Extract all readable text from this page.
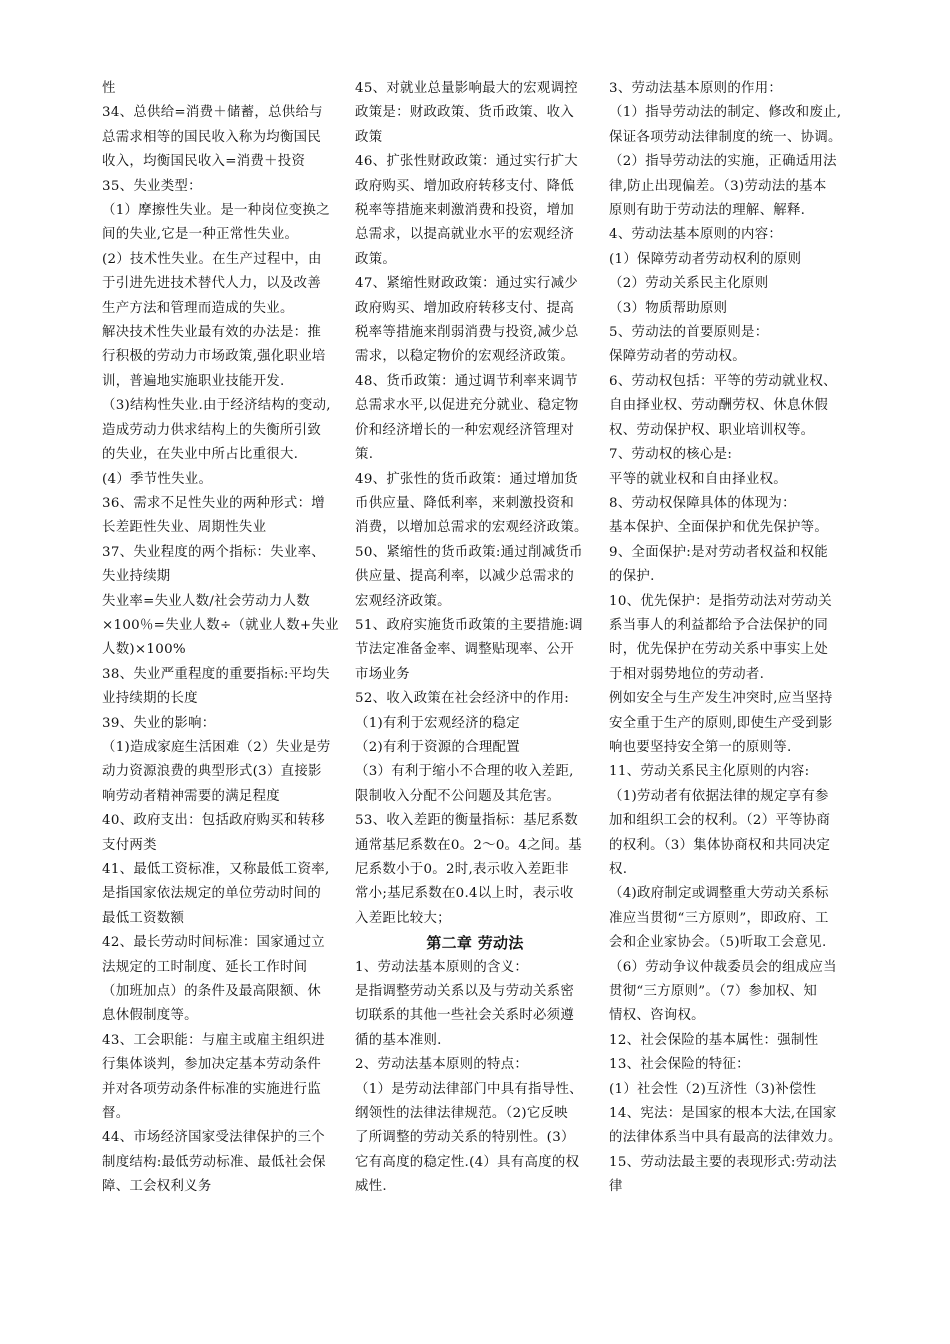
性
34、总供给=消费＋储蓄，总供给与
总需求相等的国民收入称为均衡国民
收入，均衡国民收入=消费＋投资
35、失业类型：
（1）摩擦性失业。是一种岗位变换之
间的失业,它是一种正常性失业。
(2）技术性失业。在生产过程中，由
于引进先进技术替代人力，以及改善
生产方法和管理而造成的失业。
解决技术性失业最有效的办法是：推
行积极的劳动力市场政策,强化职业培
训，普遍地实施职业技能开发.
（3)结构性失业.由于经济结构的变动,
造成劳动力供求结构上的失衡所引致
的失业，在失业中所占比重很大.
(4）季节性失业。
36、需求不足性失业的两种形式：增
长差距性失业、周期性失业
37、失业程度的两个指标：失业率、
失业持续期
失业率=失业人数/社会劳动力人数
×100％=失业人数÷（就业人数+失业
人数)×100%
38、失业严重程度的重要指标:平均失
业持续期的长度
39、失业的影响：
（1)造成家庭生活困难（2）失业是劳
动力资源浪费的典型形式(3）直接影
响劳动者精神需要的满足程度
40、政府支出：包括政府购买和转移
支付两类
41、最低工资标准，又称最低工资率,
是指国家依法规定的单位劳动时间的
最低工资数额
42、最长劳动时间标准：国家通过立
法规定的工时制度、延长工作时间
（加班加点）的条件及最高限额、休
息休假制度等。
43、工会职能：与雇主或雇主组织进
行集体谈判，参加决定基本劳动条件
并对各项劳动条件标准的实施进行监
督。
44、市场经济国家受法律保护的三个
制度结构:最低劳动标准、最低社会保
障、工会权利义务
45、对就业总量影响最大的宏观调控
政策是：财政政策、货币政策、收入
政策
46、扩张性财政政策：通过实行扩大
政府购买、增加政府转移支付、降低
税率等措施来刺激消费和投资，增加
总需求，以提高就业水平的宏观经济
政策。
47、紧缩性财政政策：通过实行减少
政府购买、增加政府转移支付、提高
税率等措施来削弱消费与投资,减少总
需求，以稳定物价的宏观经济政策。
48、货币政策：通过调节利率来调节
总需求水平,以促进充分就业、稳定物
价和经济增长的一种宏观经济管理对
策.
49、扩张性的货币政策：通过增加货
币供应量、降低利率，来刺激投资和
消费，以增加总需求的宏观经济政策。
50、紧缩性的货币政策:通过削减货币
供应量、提高利率，以减少总需求的
宏观经济政策。
51、政府实施货币政策的主要措施:调
节法定准备金率、调整贴现率、公开
市场业务
52、收入政策在社会经济中的作用:
（1)有利于宏观经济的稳定
（2)有利于资源的合理配置
（3）有利于缩小不合理的收入差距,
限制收入分配不公问题及其危害。
53、收入差距的衡量指标：基尼系数
通常基尼系数在0。2～0。4之间。基
尼系数小于0。2时,表示收入差距非
常小;基尼系数在0.4以上时，表示收
入差距比较大；
第二章 劳动法
1、劳动法基本原则的含义：
是指调整劳动关系以及与劳动关系密
切联系的其他一些社会关系时必须遵
循的基本准则.
2、劳动法基本原则的特点：
（1）是劳动法律部门中具有指导性、
纲领性的法律法律规范。（2)它反映
了所调整的劳动关系的特别性。(3）
它有高度的稳定性.(4）具有高度的权
威性.
3、劳动法基本原则的作用：
（1）指导劳动法的制定、修改和废止,
保证各项劳动法律制度的统一、协调。
（2）指导劳动法的实施，正确适用法
律,防止出现偏差。（3)劳动法的基本
原则有助于劳动法的理解、解释.
4、劳动法基本原则的内容：
(1）保障劳动者劳动权利的原则
（2）劳动关系民主化原则
（3）物质帮助原则
5、劳动法的首要原则是：
保障劳动者的劳动权。
6、劳动权包括：平等的劳动就业权、
自由择业权、劳动酬劳权、休息休假
权、劳动保护权、职业培训权等。
7、劳动权的核心是:
平等的就业权和自由择业权。
8、劳动权保障具体的体现为：
基本保护、全面保护和优先保护等。
9、全面保护:是对劳动者权益和权能
的保护.
10、优先保护：是指劳动法对劳动关
系当事人的利益都给予合法保护的同
时，优先保护在劳动关系中事实上处
于相对弱势地位的劳动者.
例如安全与生产发生冲突时,应当坚持
安全重于生产的原则,即使生产受到影
响也要坚持安全第一的原则等.
11、劳动关系民主化原则的内容:
（1)劳动者有依据法律的规定享有参
加和组织工会的权利。（2）平等协商
的权利。（3）集体协商权和共同决定
权.
（4)政府制定或调整重大劳动关系标
准应当贯彻“三方原则”，即政府、工
会和企业家协会。（5)听取工会意见.
（6）劳动争议仲裁委员会的组成应当
贯彻“三方原则”。（7）参加权、知
情权、咨询权。
12、社会保险的基本属性：强制性
13、社会保险的特征：
(1）社会性（2)互济性（3)补偿性
14、宪法：是国家的根本大法,在国家
的法律体系当中具有最高的法律效力。
15、劳动法最主要的表现形式:劳动法
律
